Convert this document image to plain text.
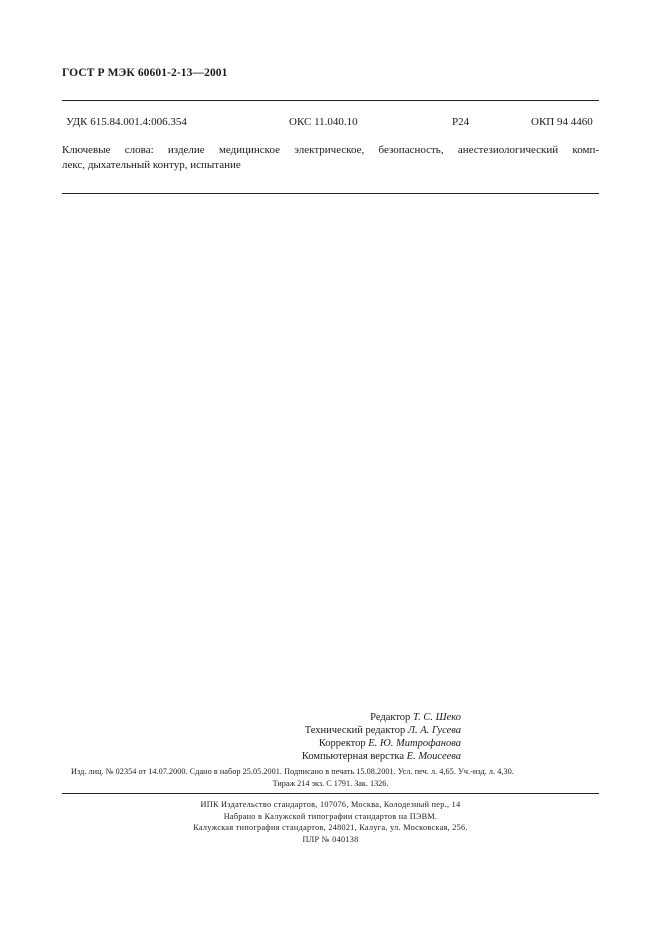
ГОСТ Р МЭК 60601-2-13—2001
УДК 615.84.001.4:006.354	ОКС 11.040.10	Р24	ОКП 94 4460
Ключевые слова: изделие медицинское электрическое, безопасность, анестезиологический комп-
лекс, дыхательный контур, испытание
Редактор Т. С. Шеко
Технический редактор Л. А. Гусева
Корректор Е. Ю. Митрофанова
Компьютерная верстка Е. Моисеева
Изд. лиц. № 02354 от 14.07.2000. Сдано в набор 25.05.2001. Подписано в печать 15.08.2001. Усл. печ. л. 4,65. Уч.-изд. л. 4,30.
Тираж 214 экз. С 1791. Зак. 1326.
ИПК Издательство стандартов, 107076, Москва, Колодезный пер., 14
Набрано в Калужской типографии стандартов на ПЭВМ.
Калужская типография стандартов, 248021, Калуга, ул. Московская, 256.
ПЛР № 040138
